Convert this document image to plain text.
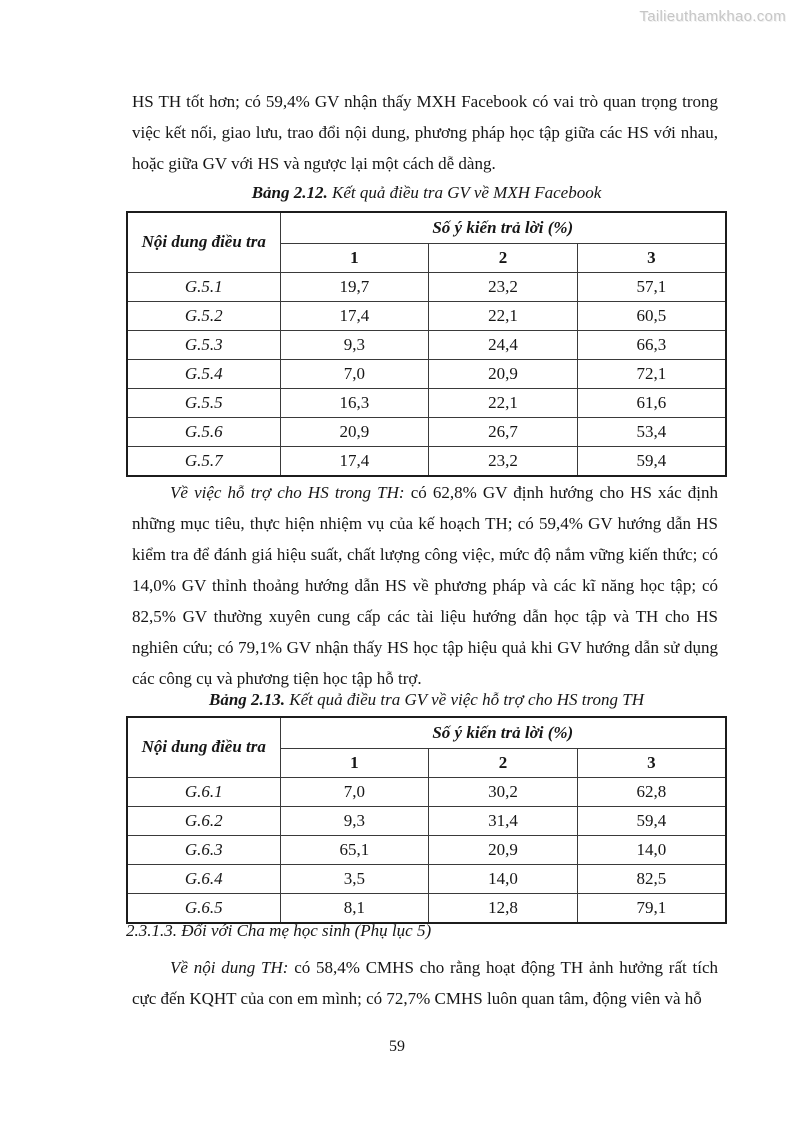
Tailieuthamkhao.com

HS TH tốt hơn; có 59,4% GV nhận thấy MXH Facebook có vai trò quan trọng trong việc kết nối, giao lưu, trao đổi nội dung, phương pháp học tập giữa các HS với nhau, hoặc giữa GV với HS và ngược lại một cách dễ dàng.

Bảng 2.12. Kết quả điều tra GV về MXH Facebook

Nội dung điều tra	Số ý kiến trả lời (%)		
	1	2	3
G.5.1	19,7	23,2	57,1
G.5.2	17,4	22,1	60,5
G.5.3	9,3	24,4	66,3
G.5.4	7,0	20,9	72,1
G.5.5	16,3	22,1	61,6
G.5.6	20,9	26,7	53,4
G.5.7	17,4	23,2	59,4

Về việc hỗ trợ cho HS trong TH: có 62,8% GV định hướng cho HS xác định những mục tiêu, thực hiện nhiệm vụ của kế hoạch TH; có 59,4% GV hướng dẫn HS kiểm tra để đánh giá hiệu suất, chất lượng công việc, mức độ nắm vững kiến thức; có 14,0% GV thỉnh thoảng hướng dẫn HS về phương pháp và các kĩ năng học tập; có 82,5% GV thường xuyên cung cấp các tài liệu hướng dẫn học tập và TH cho HS nghiên cứu; có 79,1% GV nhận thấy HS học tập hiệu quả khi GV hướng dẫn sử dụng các công cụ và phương tiện học tập hỗ trợ.

Bảng 2.13. Kết quả điều tra GV về việc hỗ trợ cho HS trong TH

Nội dung điều tra	Số ý kiến trả lời (%)		
	1	2	3
G.6.1	7,0	30,2	62,8
G.6.2	9,3	31,4	59,4
G.6.3	65,1	20,9	14,0
G.6.4	3,5	14,0	82,5
G.6.5	8,1	12,8	79,1

2.3.1.3. Đối với Cha mẹ học sinh (Phụ lục 5)

Về nội dung TH: có 58,4% CMHS cho rằng hoạt động TH ảnh hưởng rất tích cực đến KQHT của con em mình; có 72,7% CMHS luôn quan tâm, động viên và hỗ

59
